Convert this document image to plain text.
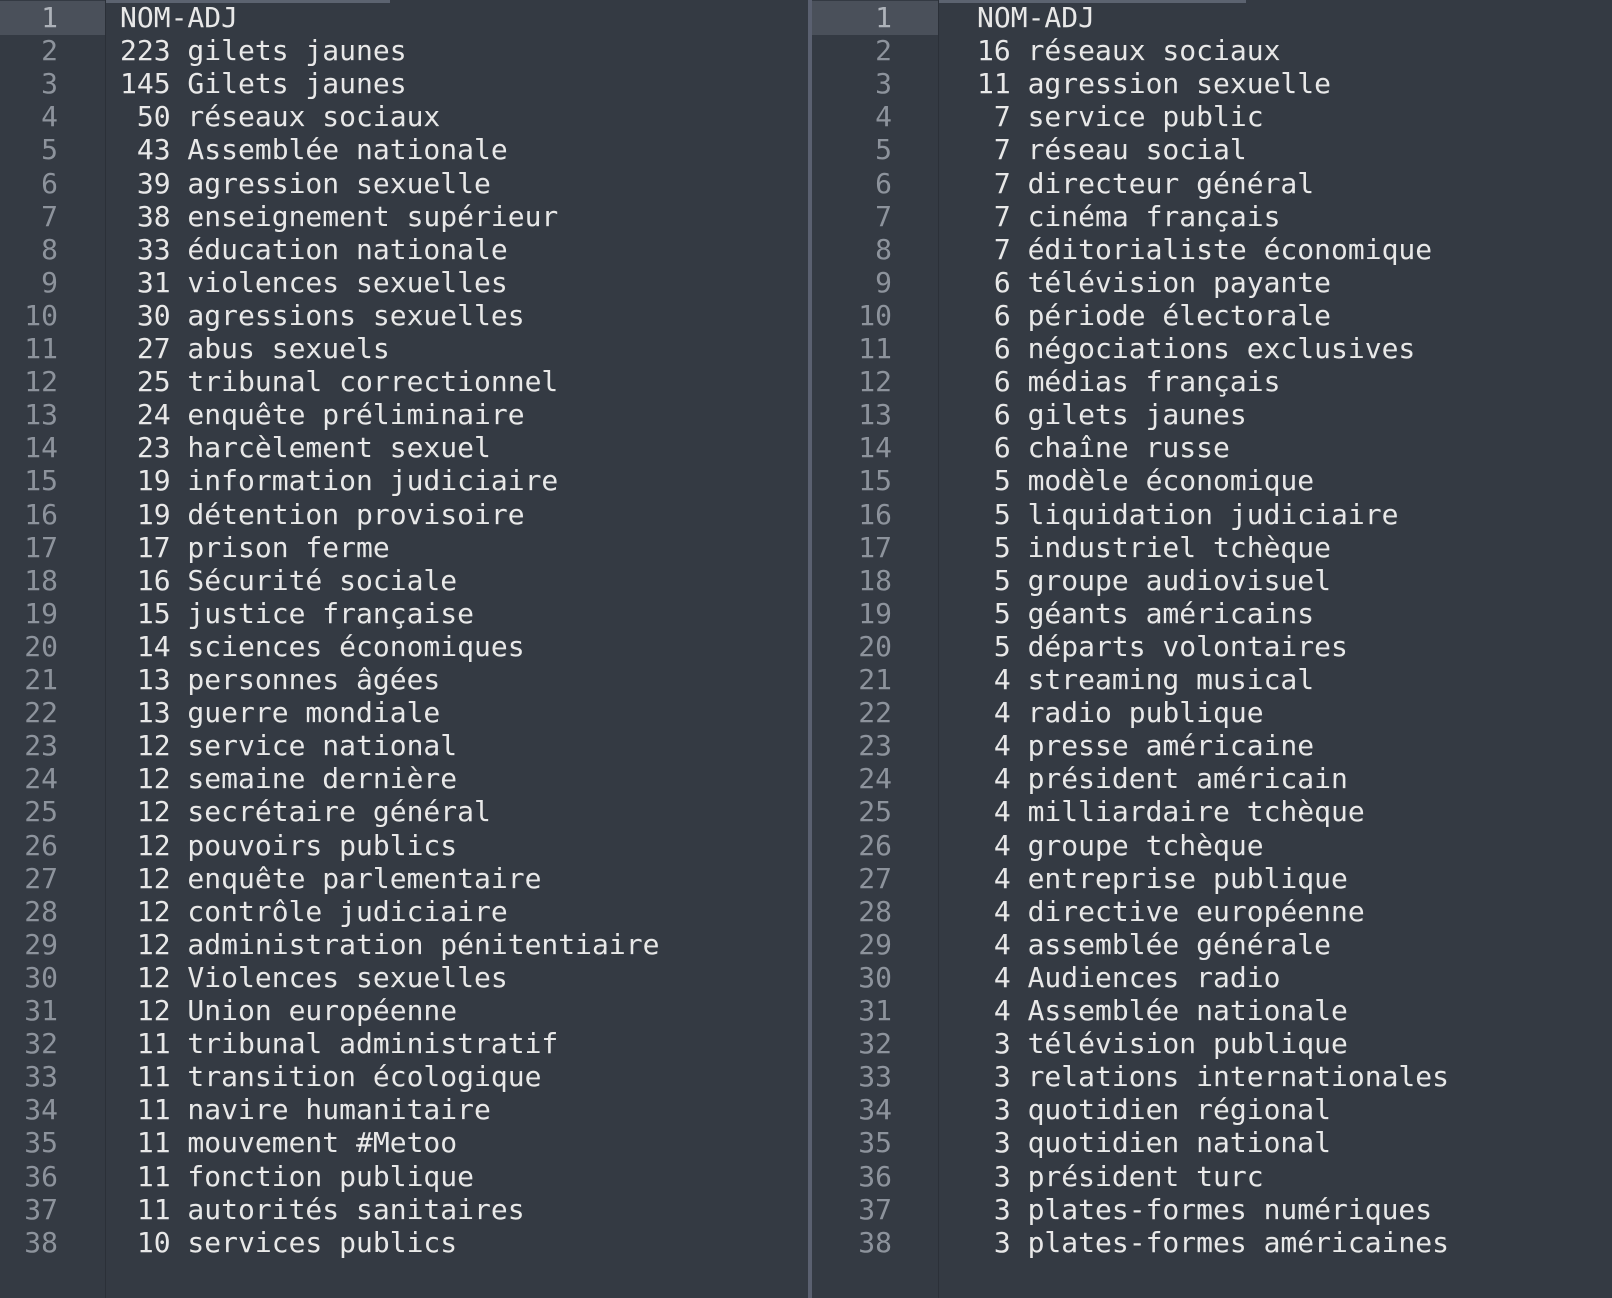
1 NOM-ADJ
2 223 gilets jaunes
3 145 Gilets jaunes
4 50 réseaux sociaux
5 43 Assemblée nationale
6 39 agression sexuelle
7 38 enseignement supérieur
8 33 éducation nationale
9 31 violences sexuelles
10 30 agressions sexuelles
11 27 abus sexuels
12 25 tribunal correctionnel
13 24 enquête préliminaire
14 23 harcèlement sexuel
15 19 information judiciaire
16 19 détention provisoire
17 17 prison ferme
18 16 Sécurité sociale
19 15 justice française
20 14 sciences économiques
21 13 personnes âgées
22 13 guerre mondiale
23 12 service national
24 12 semaine dernière
25 12 secrétaire général
26 12 pouvoirs publics
27 12 enquête parlementaire
28 12 contrôle judiciaire
29 12 administration pénitentiaire
30 12 Violences sexuelles
31 12 Union européenne
32 11 tribunal administratif
33 11 transition écologique
34 11 navire humanitaire
35 11 mouvement #Metoo
36 11 fonction publique
37 11 autorités sanitaires
38 10 services publics
1	NOM-ADJ
2	16 réseaux sociaux
3	11 agression sexuelle
4	7 service public
5	7 réseau social
6	7 directeur général
7	7 cinéma français
8	7 éditorialiste économique
9	6 télévision payante
10	6 période électorale
11	6 négociations exclusives
12	6 médias français
13	6 gilets jaunes
14	6 chaîne russe
15	5 modèle économique
16	5 liquidation judiciaire
17	5 industriel tchèque
18	5 groupe audiovisuel
19	5 géants américains
20	5 départs volontaires
21	4 streaming musical
22	4 radio publique
23	4 presse américaine
24	4 président américain
25	4 milliardaire tchèque
26	4 groupe tchèque
27	4 entreprise publique
28	4 directive européenne
29	4 assemblée générale
30	4 Audiences radio
31	4 Assemblée nationale
32	3 télévision publique
33	3 relations internationales
34	3 quotidien régional
35	3 quotidien national
36	3 président turc
37	3 plates-formes numériques
38	3 plates-formes américaines
